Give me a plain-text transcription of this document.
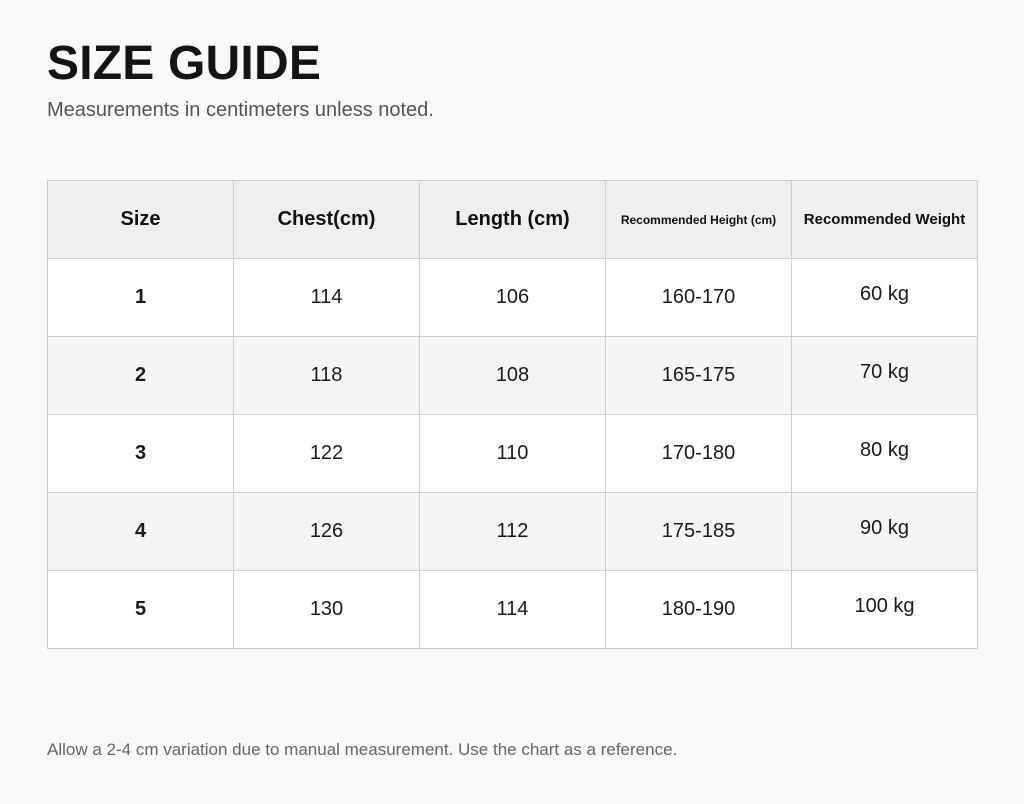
SIZE GUIDE
Measurements in centimeters unless noted.
Size	Chest(cm)	Length (cm)	Recommended Height (cm)	Recommended Weight
1	114	106	160-170	60 kg
2	118	108	165-175	70 kg
3	122	110	170-180	80 kg
4	126	112	175-185	90 kg
5	130	114	180-190	100 kg
Allow a 2-4 cm variation due to manual measurement. Use the chart as a reference.
